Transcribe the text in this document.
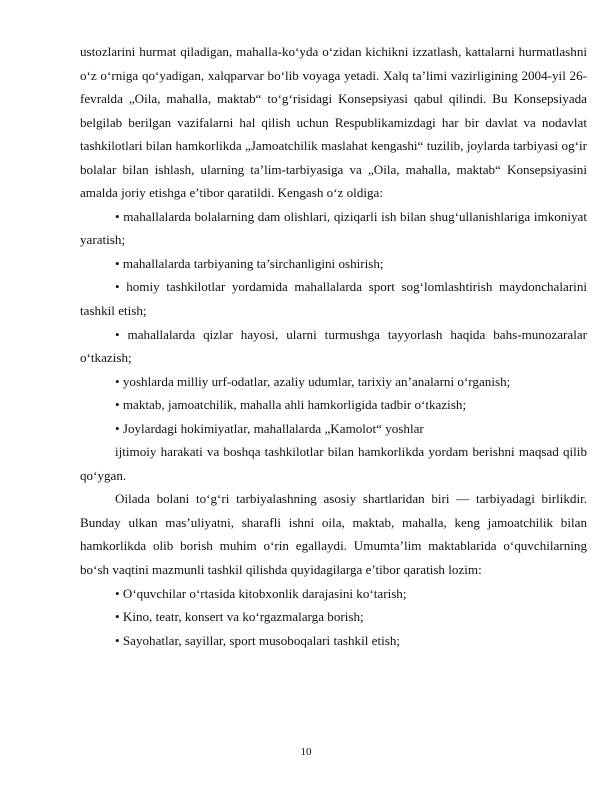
ustozlarini hurmat qiladigan, mahalla-ko‘yda o‘zidan kichikni izzatlash, kattalarni hurmatlashni o‘z o‘rniga qo‘yadigan, xalqparvar bo‘lib voyaga yetadi. Xalq ta’limi vazirligining 2004-yil 26-fevralda „Oila, mahalla, maktab“ to‘g‘risidagi Konsepsiyasi qabul qilindi. Bu Konsepsiyada belgilab berilgan vazifalarni hal qilish uchun Respublikamizdagi har bir davlat va nodavlat tashkilotlari bilan hamkorlikda „Jamoatchilik maslahat kengashi“ tuzilib, joylarda tarbiyasi og‘ir bolalar bilan ishlash, ularning ta’lim-tarbiyasiga va „Oila, mahalla, maktab“ Konsepsiyasini amalda joriy etishga e’tibor qaratildi. Kengash o‘z oldiga:

• mahallalarda bolalarning dam olishlari, qiziqarli ish bilan shug‘ullanishlariga imkoniyat yaratish;

• mahallalarda tarbiyaning ta’sirchanligini oshirish;

• homiy tashkilotlar yordamida mahallalarda sport sog‘lomlashtirish maydonchalarini tashkil etish;

• mahallalarda qizlar hayosi, ularni turmushga tayyorlash haqida bahs-munozaralar o‘tkazish;

• yoshlarda milliy urf-odatlar, azaliy udumlar, tarixiy an’analarni o‘rganish;

• maktab, jamoatchilik, mahalla ahli hamkorligida tadbir o‘tkazish;

• Joylardagi hokimiyatlar, mahallalarda „Kamolot“ yoshlar

ijtimoiy harakati va boshqa tashkilotlar bilan hamkorlikda yordam berishni maqsad qilib qo‘ygan.

Oilada bolani to‘g‘ri tarbiyalashning asosiy shartlaridan biri — tarbiyadagi birlikdir. Bunday ulkan mas’uliyatni, sharafli ishni oila, maktab, mahalla, keng jamoatchilik bilan hamkorlikda olib borish muhim o‘rin egallaydi. Umumta’lim maktablarida o‘quvchilarning bo‘sh vaqtini mazmunli tashkil qilishda quyidagilarga e’tibor qaratish lozim:

• O‘quvchilar o‘rtasida kitobxonlik darajasini ko‘tarish;

• Kino, teatr, konsert va ko‘rgazmalarga borish;

• Sayohatlar, sayillar, sport musoboqalari tashkil etish;

10
